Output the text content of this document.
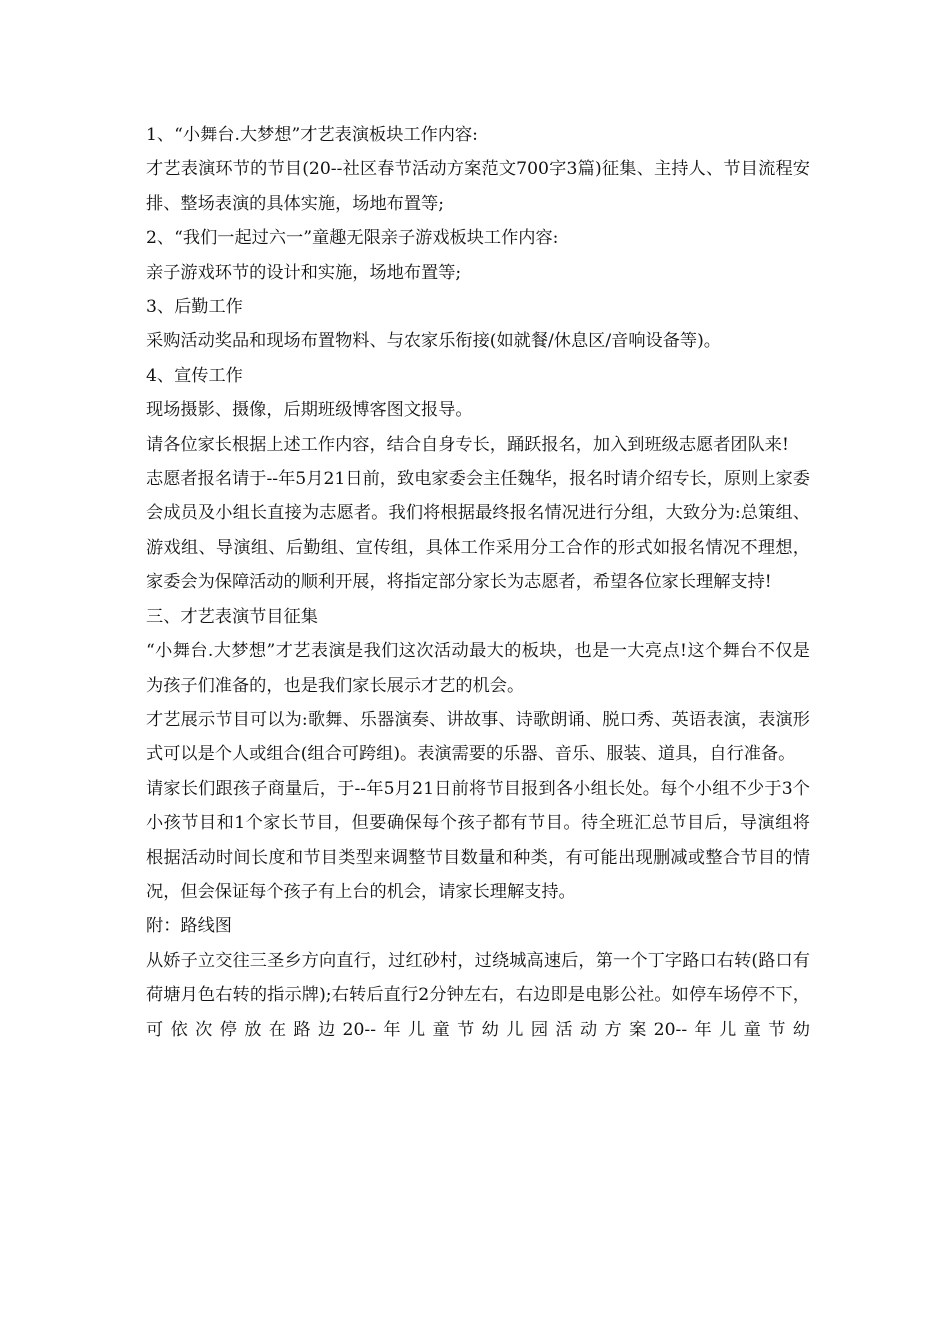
1、“小舞台.大梦想”才艺表演板块工作内容:

才艺表演环节的节目(20--社区春节活动方案范文700字3篇)征集、主持人、节目流程安排、整场表演的具体实施，场地布置等;

2、“我们一起过六一”童趣无限亲子游戏板块工作内容:

亲子游戏环节的设计和实施，场地布置等;

3、后勤工作

采购活动奖品和现场布置物料、与农家乐衔接(如就餐/休息区/音响设备等)。

4、宣传工作

现场摄影、摄像，后期班级博客图文报导。

请各位家长根据上述工作内容，结合自身专长，踊跃报名，加入到班级志愿者团队来!

志愿者报名请于--年5月21日前，致电家委会主任魏华，报名时请介绍专长，原则上家委会成员及小组长直接为志愿者。我们将根据最终报名情况进行分组，大致分为:总策组、游戏组、导演组、后勤组、宣传组，具体工作采用分工合作的形式如报名情况不理想，家委会为保障活动的顺利开展，将指定部分家长为志愿者，希望各位家长理解支持!

三、才艺表演节目征集

“小舞台.大梦想”才艺表演是我们这次活动最大的板块，也是一大亮点!这个舞台不仅是为孩子们准备的，也是我们家长展示才艺的机会。

才艺展示节目可以为:歌舞、乐器演奏、讲故事、诗歌朗诵、脱口秀、英语表演，表演形式可以是个人或组合(组合可跨组)。表演需要的乐器、音乐、服装、道具，自行准备。

请家长们跟孩子商量后，于--年5月21日前将节目报到各小组长处。每个小组不少于3个小孩节目和1个家长节目，但要确保每个孩子都有节目。待全班汇总节目后，导演组将根据活动时间长度和节目类型来调整节目数量和种类，有可能出现删减或整合节目的情况，但会保证每个孩子有上台的机会，请家长理解支持。

附：路线图

从娇子立交往三圣乡方向直行，过红砂村，过绕城高速后，第一个丁字路口右转(路口有荷塘月色右转的指示牌);右转后直行2分钟左右，右边即是电影公社。如停车场停不下，可依次停放在路边20--年儿童节幼儿园活动方案20--年儿童节幼
